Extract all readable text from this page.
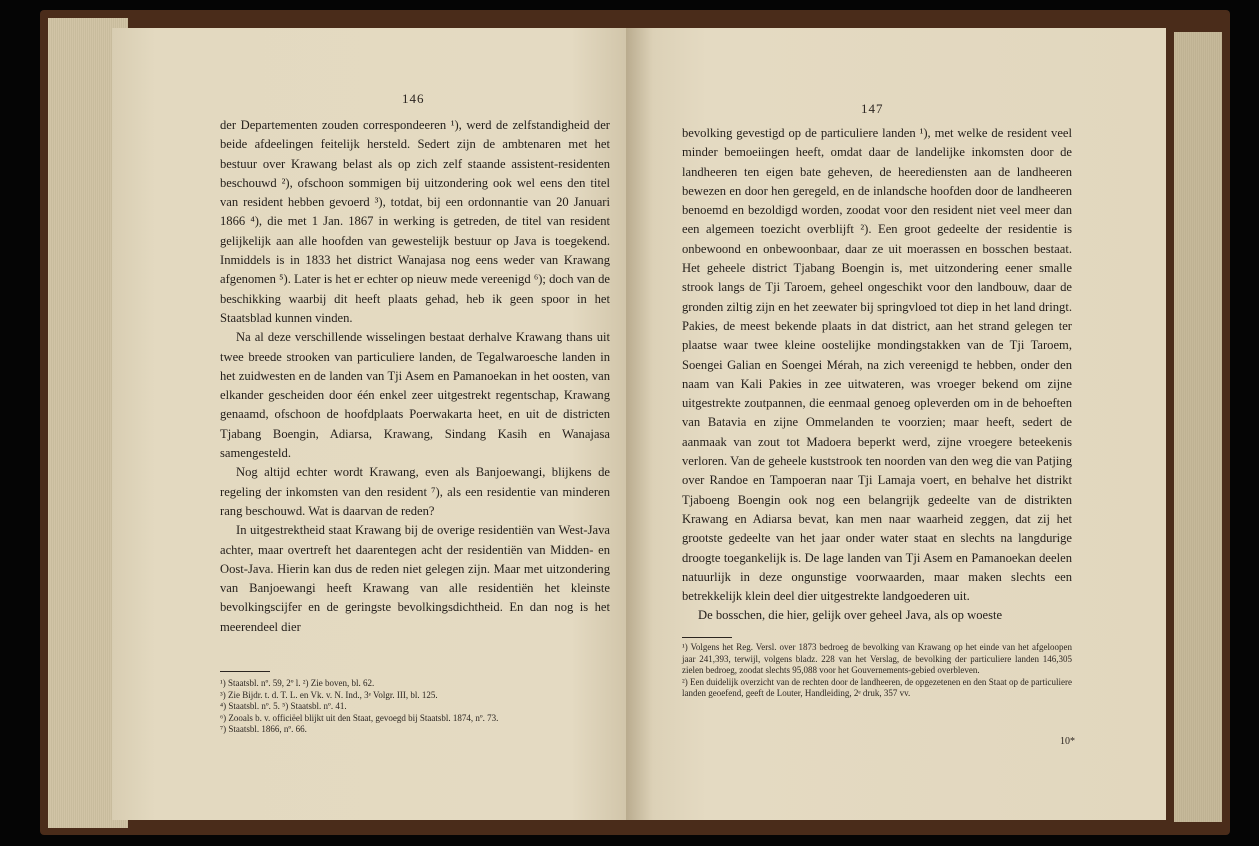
146

der Departementen zouden correspondeeren ¹), werd de zelfstandigheid der beide afdeelingen feitelijk hersteld. Sedert zijn de ambtenaren met het bestuur over Krawang belast als op zich zelf staande assistent-residenten beschouwd ²), ofschoon sommigen bij uitzondering ook wel eens den titel van resident hebben gevoerd ³), totdat, bij een ordonnantie van 20 Januari 1866 ⁴), die met 1 Jan. 1867 in werking is getreden, de titel van resident gelijkelijk aan alle hoofden van gewestelijk bestuur op Java is toegekend. Inmiddels is in 1833 het district Wanajasa nog eens weder van Krawang afgenomen ⁵). Later is het er echter op nieuw mede vereenigd ⁶); doch van de beschikking waarbij dit heeft plaats gehad, heb ik geen spoor in het Staatsblad kunnen vinden.

Na al deze verschillende wisselingen bestaat derhalve Krawang thans uit twee breede strooken van particuliere landen, de Tegalwaroesche landen in het zuidwesten en de landen van Tji Asem en Pamanoekan in het oosten, van elkander gescheiden door één enkel zeer uitgestrekt regentschap, Krawang genaamd, ofschoon de hoofdplaats Poerwakarta heet, en uit de districten Tjabang Boengin, Adiarsa, Krawang, Sindang Kasih en Wanajasa samengesteld.

Nog altijd echter wordt Krawang, even als Banjoewangi, blijkens de regeling der inkomsten van den resident ⁷), als een residentie van minderen rang beschouwd. Wat is daarvan de reden?

In uitgestrektheid staat Krawang bij de overige residentiën van West-Java achter, maar overtreft het daarentegen acht der residentiën van Midden- en Oost-Java. Hierin kan dus de reden niet gelegen zijn. Maar met uitzondering van Banjoewangi heeft Krawang van alle residentiën het kleinste bevolkingscijfer en de geringste bevolkingsdichtheid. En dan nog is het meerendeel dier

¹) Staatsbl. nº. 59, 2º l. ²) Zie boven, bl. 62.
³) Zie Bijdr. t. d. T. L. en Vk. v. N. Ind., 3ᵉ Volgr. III, bl. 125.
⁴) Staatsbl. nº. 5. ⁵) Staatsbl. nº. 41.
⁶) Zooals b. v. officiëel blijkt uit den Staat, gevoegd bij Staatsbl. 1874, nº. 73.
⁷) Staatsbl. 1866, nº. 66.
147

bevolking gevestigd op de particuliere landen ¹), met welke de resident veel minder bemoeiingen heeft, omdat daar de landelijke inkomsten door de landheeren ten eigen bate geheven, de heerediensten aan de landheeren bewezen en door hen geregeld, en de inlandsche hoofden door de landheeren benoemd en bezoldigd worden, zoodat voor den resident niet veel meer dan een algemeen toezicht overblijft ²). Een groot gedeelte der residentie is onbewoond en onbewoonbaar, daar ze uit moerassen en bosschen bestaat. Het geheele district Tjabang Boengin is, met uitzondering eener smalle strook langs de Tji Taroem, geheel ongeschikt voor den landbouw, daar de gronden ziltig zijn en het zeewater bij springvloed tot diep in het land dringt. Pakies, de meest bekende plaats in dat district, aan het strand gelegen ter plaatse waar twee kleine oostelijke mondingstakken van de Tji Taroem, Soengei Galian en Soengei Mérah, na zich vereenigd te hebben, onder den naam van Kali Pakies in zee uitwateren, was vroeger bekend om zijne uitgestrekte zoutpannen, die eenmaal genoeg opleverden om in de behoeften van Batavia en zijne Ommelanden te voorzien; maar heeft, sedert de aanmaak van zout tot Madoera beperkt werd, zijne vroegere beteekenis verloren. Van de geheele kuststrook ten noorden van den weg die van Patjing over Randoe en Tampoeran naar Tji Lamaja voert, en behalve het distrikt Tjaboeng Boengin ook nog een belangrijk gedeelte van de distrikten Krawang en Adiarsa bevat, kan men naar waarheid zeggen, dat zij het grootste gedeelte van het jaar onder water staat en slechts na langdurige droogte toegankelijk is. De lage landen van Tji Asem en Pamanoekan deelen natuurlijk in deze ongunstige voorwaarden, maar maken slechts een betrekkelijk klein deel dier uitgestrekte landgoederen uit.

De bosschen, die hier, gelijk over geheel Java, als op woeste

¹) Volgens het Reg. Versl. over 1873 bedroeg de bevolking van Krawang op het einde van het afgeloopen jaar 241,393, terwijl, volgens bladz. 228 van het Verslag, de bevolking der particuliere landen 146,305 zielen bedroeg, zoodat slechts 95,088 voor het Gouvernements-gebied overbleven.
²) Een duidelijk overzicht van de rechten door de landheeren, de opgezetenen en den Staat op de particuliere landen geoefend, geeft de Louter, Handleiding, 2ᵉ druk, 357 vv.
10*
